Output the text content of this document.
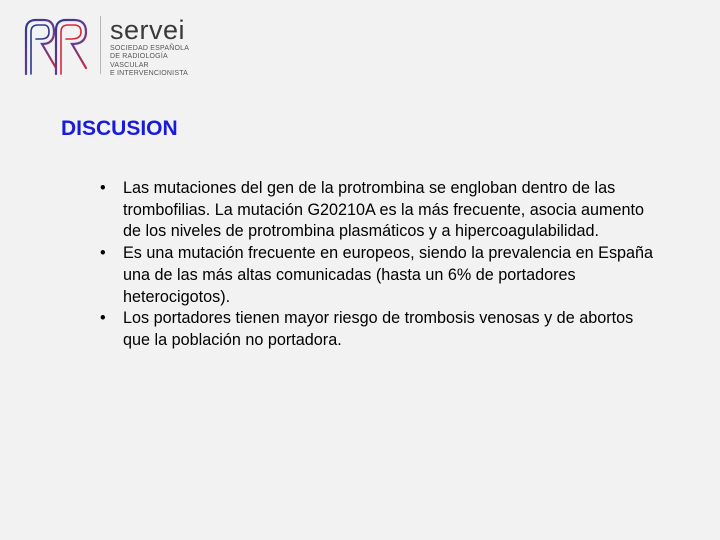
servei
SOCIEDAD ESPAÑOLA
DE RADIOLOGÍA
VASCULAR
E INTERVENCIONISTA
DISCUSION
• Las mutaciones del gen de la protrombina se engloban dentro de las trombofilias. La mutación G20210A es la más frecuente, asocia aumento de los niveles de protrombina plasmáticos y a hipercoagulabilidad.
• Es una mutación frecuente en europeos, siendo la prevalencia en España una de las más altas comunicadas (hasta un 6% de portadores heterocigotos).
• Los portadores tienen mayor riesgo de trombosis venosas y de abortos que la población no portadora.
